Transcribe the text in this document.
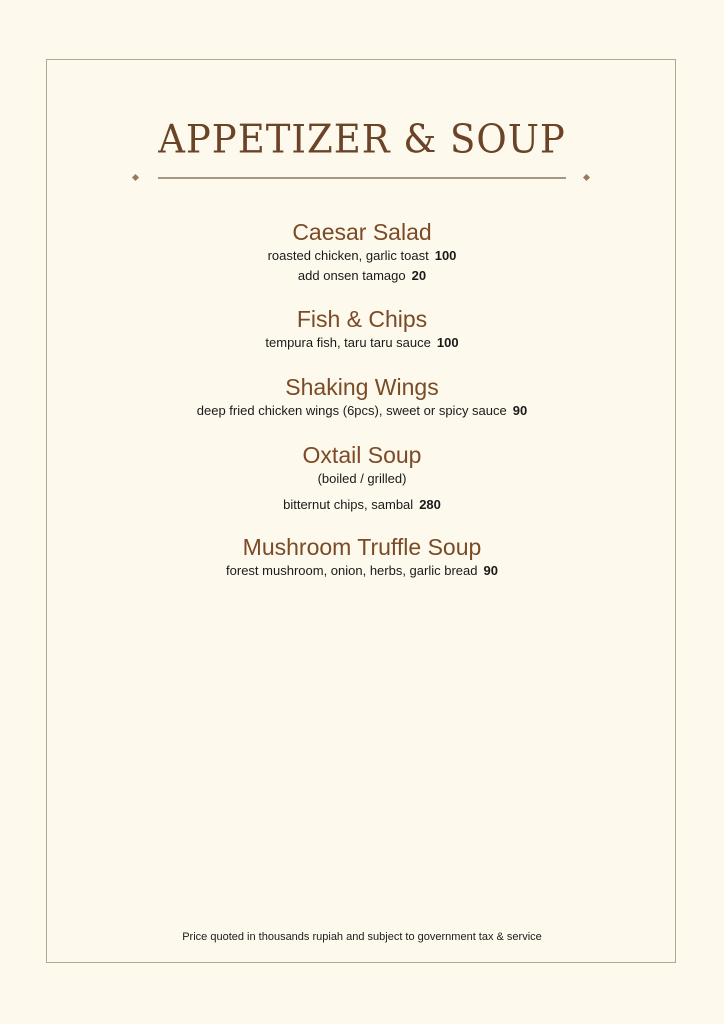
APPETIZER & SOUP
Caesar Salad

roasted chicken, garlic toast 100

add onsen tamago 20

Fish & Chips

tempura fish, taru taru sauce 100

Shaking Wings

deep fried chicken wings (6pcs), sweet or spicy sauce 90

Oxtail Soup

(boiled / grilled)

bitternut chips, sambal 280

Mushroom Truffle Soup

forest mushroom, onion, herbs, garlic bread 90

Price quoted in thousands rupiah and subject to government tax & service
